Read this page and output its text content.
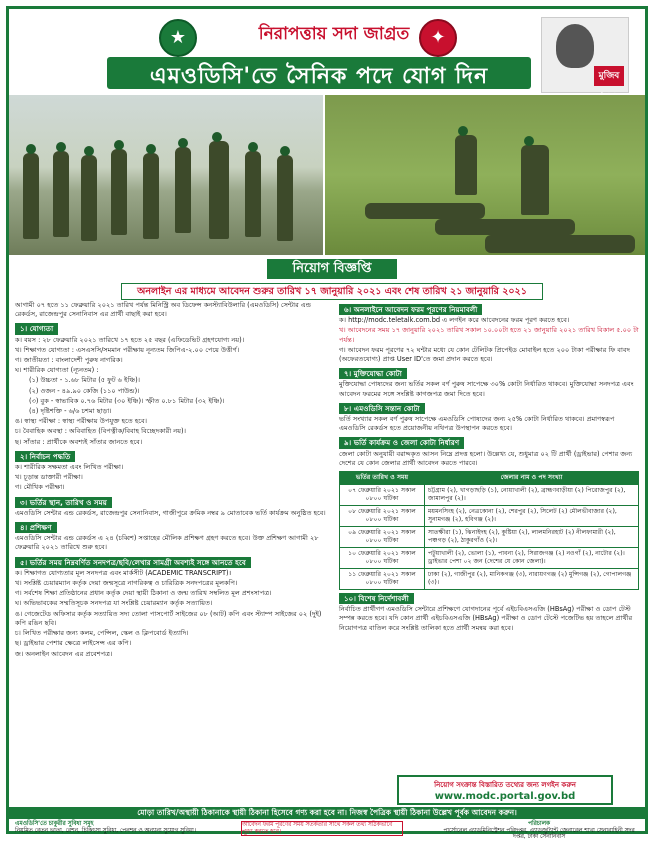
★	নিরাপত্তায় সদা জাগ্রত	✦
এমওডিসি'তে সৈনিক পদে যোগ দিন	মুজিব
নিয়োগ বিজ্ঞপ্তি
অনলাইন এর মাধ্যমে আবেদন শুরুর তারিখ ১৭ জানুয়ারি ২০২১ এবং শেষ তারিখ ২১ জানুয়ারি ২০২১

আগামী ০৭ হতে ১১ ফেব্রুয়ারি ২০২১ তারিখ পর্যন্ত মিনিস্ট্রি অব ডিফেন্স কনস্ট্যাবিউলারি (এমওডিসি) সেন্টার এন্ড রেকর্ডস, রাজেন্দ্রপুর সেনানিবাস এর প্রার্থী বাছাই করা হবে।

১। যোগ্যতা

ক। বয়স : ২৮ ফেব্রুয়ারি ২০২১ তারিখে ১৭ হতে ২৫ বছর (এফিডেভিট গ্রহণযোগ্য নয়)।

খ। শিক্ষাগত যোগ্যতা : এসএসসি/সমমান পরীক্ষায় নূন্যতম জিপিএ-২.০০ পেয়ে উত্তীর্ণ।

গ। জাতীয়তা : বাংলাদেশী পুরুষ নাগরিক।

ঘ। শারীরিক যোগ্যতা (ন্যূনতম) :

(১) উচ্চতা - ১.৬৮ মিটার (৫ ফুট ৬ ইঞ্চি)।

(২) ওজন - ৪৯.৯০ কেজি (১১০ পাউন্ড)।

(৩) বুক - স্বাভাবিক ০.৭৬ মিটার (৩০ ইঞ্চি)। স্ফীত ০.৮১ মিটার (৩২ ইঞ্চি)।

(৪) দৃষ্টিশক্তি - ৬/৬ চশমা ছাড়া।

ঙ। স্বাস্থ্য পরীক্ষা : স্বাস্থ্য পরীক্ষায় উপযুক্ত হতে হবে।

চ। বৈবাহিক অবস্থা : অবিবাহিত (বিপত্নীক/বিবাহ বিচ্ছেদকারী নয়)।

ছ। সাঁতার : প্রার্থীকে অবশ্যই সাঁতার জানতে হবে।

২। নির্বাচন পদ্ধতি

ক। শারীরিক সক্ষমতা এবং লিখিত পরীক্ষা।

খ। চূড়ান্ত ডাক্তারী পরীক্ষা।

গ। মৌখিক পরীক্ষা।

৩। ভর্তির স্থান, তারিখ ও সময়

এমওডিসি সেন্টার এন্ড রেকর্ডস, রাজেন্দ্রপুর সেনানিবাস, গাজীপুরে ক্রমিক নম্বর ৯ মোতাবেক ভর্তি কার্যক্রম অনুষ্ঠিত হবে।

৪। প্রশিক্ষণ

এমওডিসি সেন্টার এন্ড রেকর্ডস এ ২৪ (চব্বিশ) সপ্তাহের মৌলিক প্রশিক্ষণ গ্রহণ করতে হবে। উক্ত প্রশিক্ষণ আগামী ২৮ ফেব্রুয়ারি ২০২১ তারিখে শুরু হবে।

৫। ভর্তির সময় নিম্নবর্ণিত সনদপত্র/ছবি/লেখার সামগ্রী অবশ্যই সঙ্গে আনতে হবে

ক। শিক্ষাগত যোগ্যতার মূল সনদপত্র এবং মার্কসীট (ACADEMIC TRANSCRIPT)।

খ। সংশ্লিষ্ট চেয়ারম্যান কর্তৃক দেয়া জন্মসূত্রে নাগরিকত্ব ও চারিত্রিক সনদপত্রের মূলকপি।

গ। সর্বশেষ শিক্ষা প্রতিষ্ঠানের প্রধান কর্তৃক দেয়া স্থায়ী ঠিকানা ও জন্ম তারিখ সম্বলিত মূল প্রশংসাপত্র।

ঘ। অভিভাবকের সম্মতিসূচক সনদপত্র যা সংশ্লিষ্ট চেয়ারম্যান কর্তৃক সত্যায়িত।

ঙ। গেজেটেড অফিসার কর্তৃক সত্যায়িত সদ্য তোলা পাসপোর্ট সাইজের ০৮ (আট) কপি এবং স্ট্যাম্প সাইজের ০২ (দুই) কপি রঙিন ছবি।

চ। লিখিত পরীক্ষার জন্য কলম, পেন্সিল, স্কেল ও ক্লিপবোর্ড ইত্যাদি।

ছ। ড্রাইভার পেশার ক্ষেত্রে লাইসেন্স এর কপি।

জ। অনলাইন আবেদন এর প্রবেশপত্র।

৬। অনলাইনে আবেদন ফরম পূরণের নিয়মাবলী

ক। http://modc.teletalk.com.bd এ লগইন করে আবেদনের ফরম পূরণ করতে হবে।

খ। আবেদনের সময় ১৭ জানুয়ারি ২০২১ তারিখ সকাল ১০.০০টা হতে ২১ জানুয়ারি ২০২১ তারিখ বিকাল ৫.০০ টা পর্যন্ত।

গ। আবেদন ফরম পূরণের ৭২ ঘন্টার মধ্যে যে কোন টেলিটক প্রিপেইড মোবাইল হতে ২০০ টাকা পরীক্ষার ফি বাবদ (অফেরতযোগ্য) প্রাপ্ত User ID'তে জমা প্রদান করতে হবে।

৭। মুক্তিযোদ্ধা কোটা

মুক্তিযোদ্ধা পোষ্যদের জন্য ভর্তির সকল বর্ণ পুরুষ সাপেক্ষে ৩০% কোটা নির্ধারিত থাকবে। মুক্তিযোদ্ধা সনদপত্র এবং আবেদন ফরমের সঙ্গে সংশ্লিষ্ট কাগজপত্র জমা দিতে হবে।

৮। এমওডিসি সন্তান কোটা

ভর্তি সংখ্যার সকল বর্ণ পুরুষ সাপেক্ষে এমওডিসি পোষ্যদের জন্য ২৫% কোটা নির্ধারিত থাকবে। প্রমাণস্বরূপ এমওডিসি রেকর্ডস হতে প্রয়োজনীয় নথিপত্র উপস্থাপন করতে হবে।

৯। ভর্তি কার্যক্রম ও জেলা কোটা নির্ধারণ

জেলা কোটা অনুযায়ী বরাদ্দকৃত আসন নিম্নে প্রদত্ত হলো। উল্লেখ্য যে, শুধুমাত্র ০২ টি প্রার্থী (ড্রাইভার) পেশার জন্য দেশের যে কোন জেলার প্রার্থী আবেদন করতে পারবে।

ভর্তির তারিখ ও সময়	জেলার নাম ও পদ সংখ্যা
০৭ ফেব্রুয়ারি ২০২১ সকাল ০৮০০ ঘটিকা	চট্টগ্রাম (২), খাগড়াছড়ি (১), নোয়াখালী (২), ব্রাহ্মণবাড়ীয়া (২) পিরোজপুর (২), জামালপুর (২)।
০৮ ফেব্রুয়ারি ২০২১ সকাল ০৮০০ ঘটিকা	ময়মনসিংহ (২), নেত্রকোনা (২), শেরপুর (২), সিলেট (২) মৌলভীবাজার (২), সুনামগঞ্জ (২), হবিগঞ্জ (২)।
০৯ ফেব্রুয়ারি ২০২১ সকাল ০৮০০ ঘটিকা	সাতক্ষীরা (১), ঝিনাইদহ (২), কুষ্টিয়া (২), লালমনিরহাট (২) নীলফামারী (২), পঞ্চগড় (২), ঠাকুরগাঁও (২)।
১০ ফেব্রুয়ারি ২০২১ সকাল ০৮০০ ঘটিকা	পটুয়াখালী (২), ভোলা (১), পাবনা (২), সিরাজগঞ্জ (২) নওগাঁ (২), নাটোর (২)। ড্রাইভার পেশা ০২ জন (দেশের যে কোন জেলা)।
১১ ফেব্রুয়ারি ২০২১ সকাল ০৮০০ ঘটিকা	ঢাকা (২), গাজীপুর (২), মানিকগঞ্জ (৩), নারায়ণগঞ্জ (২) মুন্সিগঞ্জ (২), গোপালগঞ্জ (৩)।
১০। বিশেষ নির্দেশাবলী

নির্বাচিত প্রার্থীগণ এমওডিসি সেন্টারে প্রশিক্ষণে যোগদানের পূর্বে এইচবিএসএজি (HBsAg) পরীক্ষা ও ডোপ টেস্ট সম্পন্ন করতে হবে। যদি কোন প্রার্থী এইচবিএসএজি (HBsAg) পরীক্ষা ও ডোপ টেস্টে পজেটিভ হয় তাহলে প্রার্থীর নিয়োগপত্র বাতিল করে সংশ্লিষ্ট তালিকা হতে প্রার্থী সমন্বয় করা হবে।

নিয়োগ সংক্রান্ত বিস্তারিত তথ্যের জন্য লগইন করুন
www.modc.portal.gov.bd
মোড়া তারিখ/অস্থায়ী ঠিকানাকে স্থায়ী ঠিকানা হিসেবে গণ্য করা হবে না। নিজস্ব পৈত্রিক স্থায়ী ঠিকানা উল্লেখ পূর্বক আবেদন করুন।
এমওডিসি'তে চাকুরীর সুবিধা সমূহ
নিয়মিত বেতন ভাতা, রেশন, চিকিৎসা সুবিধা, পেনশন ও অন্যান্য সুযোগ সুবিধা।
আবেদন ফরম পূরণের সময় সতর্কতার সাথে সকল তথ্য সঠিকভাবে পূরণ করতে হবে।
পরিচালক
পার্সোনেল এ্যাডমিনিস্ট্রেশন পরিদপ্তর, এ্যাডজুট্যান্ট জেনারেল শাখা সেনাবাহিনী সদর দপ্তর, ঢাকা সেনানিবাস
